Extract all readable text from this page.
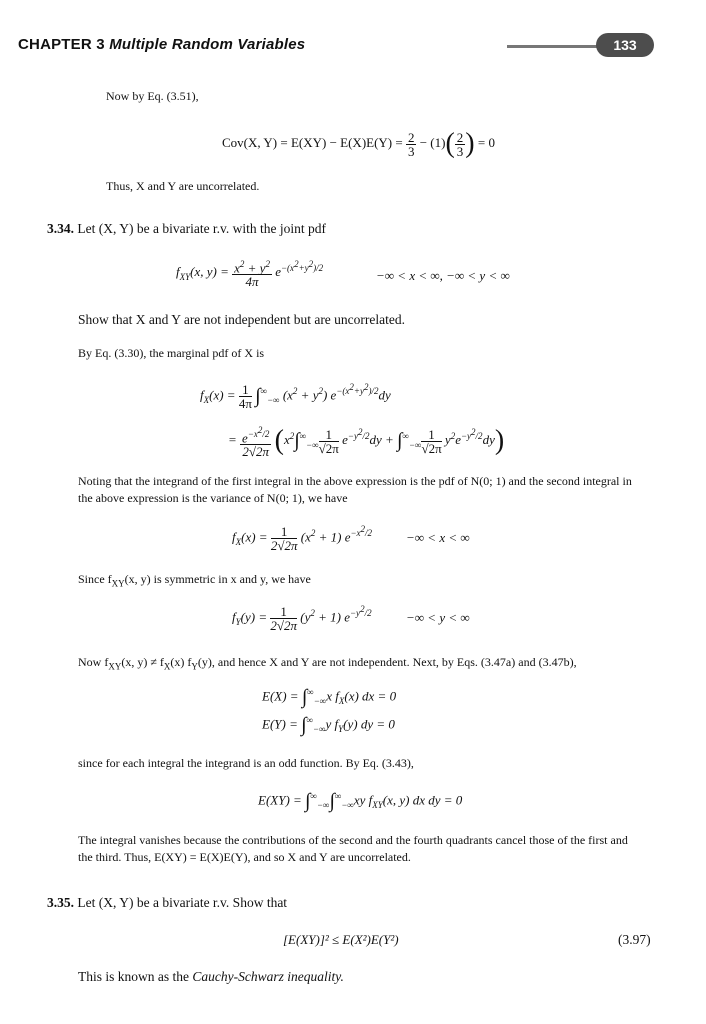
CHAPTER 3 Multiple Random Variables	133
Now by Eq. (3.51),
Cov(X, $Y) = E(XY) - E(X)E(Y) = \frac{2}{3} - (1)( \frac{2}{3}$ ) = 0
Thus, X and Y are uncorrelated.
3.34. Let (X, Y) be a bivariate r.v. with the joint pdf
$f_{XY}(x$, $y) = \frac{x^2 + y^2}{4\pi} e^{-(x^2+y^2)/2}$
−∞ < x < ∞, −∞ < y < ∞
Show that X and Y are not independent but are uncorrelated.
By Eq. (3.30), the marginal pdf of X is
$f_X(x) = \frac{1}{4\pi} \int^\infty_{-\infty}$ $(x^2 + y^2)$ $e^{-(x^2+y^2)/2}dy$
= $\frac{e^{-x^2/2}}{2√2\pi} (x^2\int^\infty_{-\infty} \frac{1}{√2\pi} e^{-y^2/2}dy + \int^\infty_{-\infty} \frac{1}{√2\pi} y^2e^{-y^2/2}dy)$
Noting that the integrand of the first integral in the above expression is the pdf of N(0; 1) and the second integral in
the above expression is the variance of N(0; 1), we have
$f_X(x) = \frac{1}{2√2\pi} (x^2 + 1)$ $e^{-x^2/2}$	−∞ < x < ∞
Since $f_{XY}(x$, y) is symmetric in x and y, we have
$f_Y(y) = \frac{1}{2√2\pi} (y^2 + 1)$ $e^{-y^2/2}$	−∞ < y < ∞
Now $f_{XY}(x$, $y) \ne f_X(x)$ $f_Y(y)$, and hence X and Y are not independent. Next, by Eqs. (3.47a) and (3.47b),
$E(X) = \int^\infty_{-\infty}x$ $f_X(x)$ dx = 0
$E(Y) = \int^\infty_{-\infty}y$ $f_Y(y)$ dy = 0
since for each integral the integrand is an odd function. By Eq. (3.43),
$E(XY) = \int^\infty_{-\infty}\int^\infty_{-\infty}xy$ $f_{XY}(x$, y) dx dy = 0
The integral vanishes because the contributions of the second and the fourth quadrants cancel those of the first and
the third. Thus, E(XY) = E(X)E(Y), and so X and Y are uncorrelated.
3.35. Let (X, Y) be a bivariate r.v. Show that
[E(XY)]² ≤ E(X²)E(Y²)	(3.97)
This is known as the Cauchy-Schwarz inequality.
